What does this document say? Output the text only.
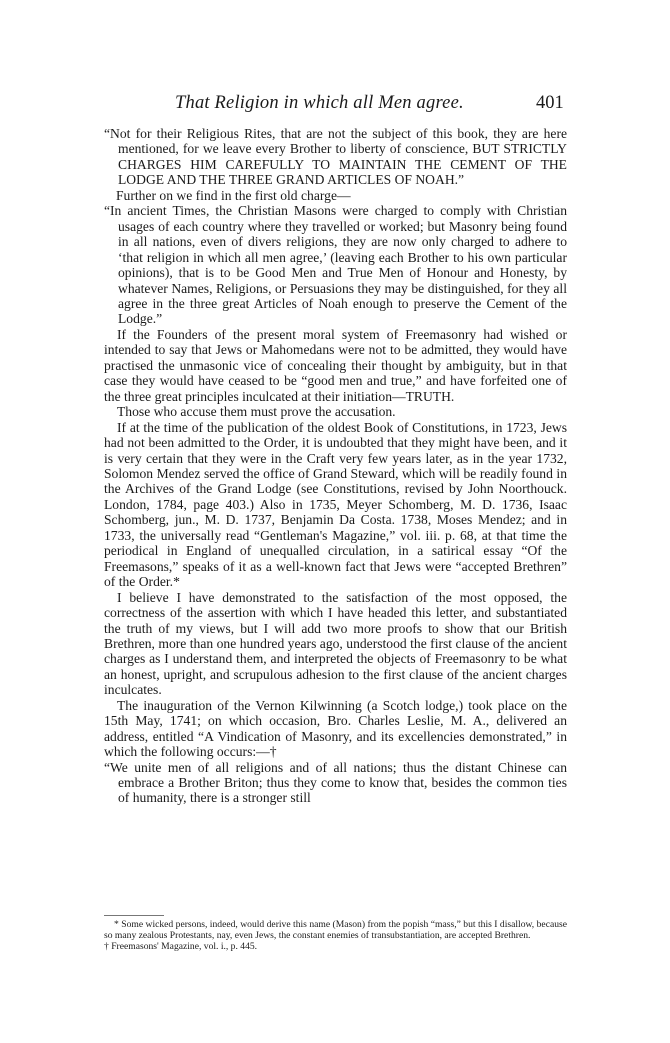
That Religion in which all Men agree.	401

“Not for their Religious Rites, that are not the subject of this book, they are here mentioned, for we leave every Brother to liberty of conscience, BUT STRICTLY CHARGES HIM CAREFULLY TO MAINTAIN THE CEMENT OF THE LODGE AND THE THREE GRAND ARTICLES OF NOAH.”

Further on we find in the first old charge—

“In ancient Times, the Christian Masons were charged to comply with Christian usages of each country where they travelled or worked; but Masonry being found in all nations, even of divers religions, they are now only charged to adhere to ‘that religion in which all men agree,’ (leaving each Brother to his own particular opinions), that is to be Good Men and True Men of Honour and Honesty, by whatever Names, Religions, or Persuasions they may be distinguished, for they all agree in the three great Articles of Noah enough to preserve the Cement of the Lodge.”

If the Founders of the present moral system of Freemasonry had wished or intended to say that Jews or Mahomedans were not to be admitted, they would have practised the unmasonic vice of concealing their thought by ambiguity, but in that case they would have ceased to be “good men and true,” and have forfeited one of the three great principles inculcated at their initiation—TRUTH.

Those who accuse them must prove the accusation.

If at the time of the publication of the oldest Book of Constitutions, in 1723, Jews had not been admitted to the Order, it is undoubted that they might have been, and it is very certain that they were in the Craft very few years later, as in the year 1732, Solomon Mendez served the office of Grand Steward, which will be readily found in the Archives of the Grand Lodge (see Constitutions, revised by John Noorthouck. London, 1784, page 403.) Also in 1735, Meyer Schomberg, M. D. 1736, Isaac Schomberg, jun., M. D. 1737, Benjamin Da Costa. 1738, Moses Mendez; and in 1733, the universally read “Gentleman's Magazine,” vol. iii. p. 68, at that time the periodical in England of unequalled circulation, in a satirical essay “Of the Freemasons,” speaks of it as a well-known fact that Jews were “accepted Brethren” of the Order.*

I believe I have demonstrated to the satisfaction of the most opposed, the correctness of the assertion with which I have headed this letter, and substantiated the truth of my views, but I will add two more proofs to show that our British Brethren, more than one hundred years ago, understood the first clause of the ancient charges as I understand them, and interpreted the objects of Freemasonry to be what an honest, upright, and scrupulous adhesion to the first clause of the ancient charges inculcates.

The inauguration of the Vernon Kilwinning (a Scotch lodge,) took place on the 15th May, 1741; on which occasion, Bro. Charles Leslie, M. A., delivered an address, entitled “A Vindication of Masonry, and its excellencies demonstrated,” in which the following occurs:—†

“We unite men of all religions and of all nations; thus the distant Chinese can embrace a Brother Briton; thus they come to know that, besides the common ties of humanity, there is a stronger still

* Some wicked persons, indeed, would derive this name (Mason) from the popish “mass,” but this I disallow, because so many zealous Protestants, nay, even Jews, the constant enemies of transubstantiation, are accepted Brethren.

† Freemasons' Magazine, vol. i., p. 445.
